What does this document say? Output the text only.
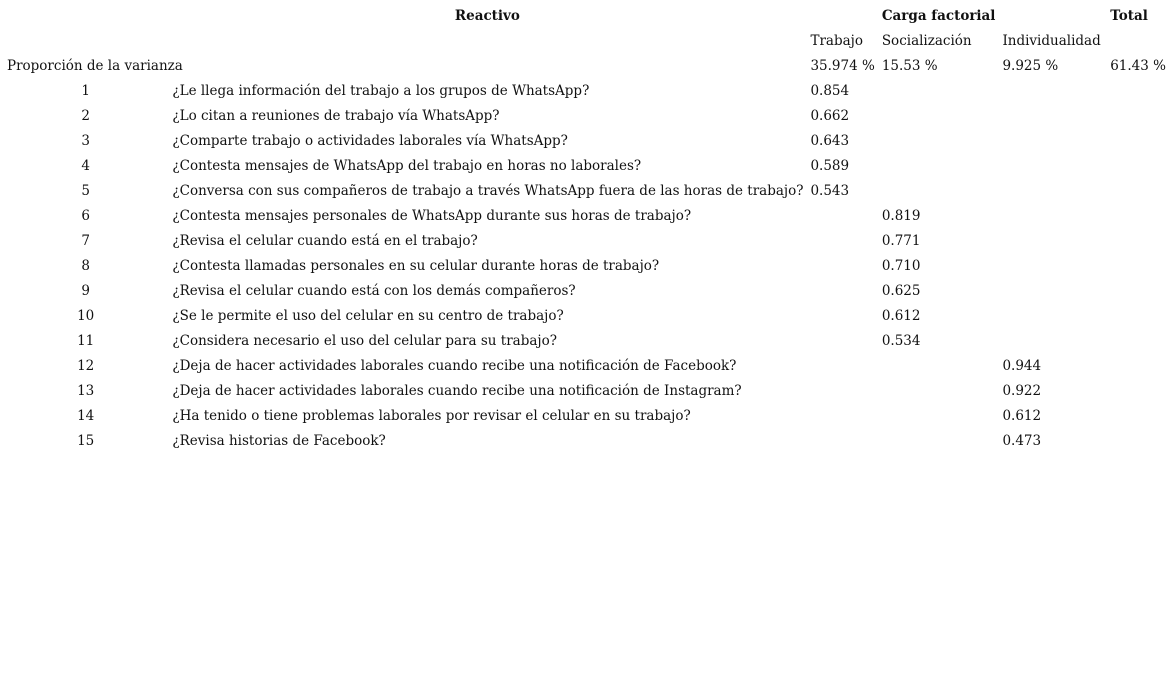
	Reactivo		Carga factorial		Total
		Trabajo	Socialización	Individualidad	
Proporción de la varianza		35.974 %	15.53 %	9.925 %	61.43 %
1	¿Le llega información del trabajo a los grupos de WhatsApp?	0.854			
2	¿Lo citan a reuniones de trabajo vía WhatsApp?	0.662			
3	¿Comparte trabajo o actividades laborales vía WhatsApp?	0.643			
4	¿Contesta mensajes de WhatsApp del trabajo en horas no laborales?	0.589			
5	¿Conversa con sus compañeros de trabajo a través WhatsApp fuera de las horas de trabajo?	0.543			
6	¿Contesta mensajes personales de WhatsApp durante sus horas de trabajo?		0.819		
7	¿Revisa el celular cuando está en el trabajo?		0.771		
8	¿Contesta llamadas personales en su celular durante horas de trabajo?		0.710		
9	¿Revisa el celular cuando está con los demás compañeros?		0.625		
10	¿Se le permite el uso del celular en su centro de trabajo?		0.612		
11	¿Considera necesario el uso del celular para su trabajo?		0.534		
12	¿Deja de hacer actividades laborales cuando recibe una notificación de Facebook?			0.944	
13	¿Deja de hacer actividades laborales cuando recibe una notificación de Instagram?			0.922	
14	¿Ha tenido o tiene problemas laborales por revisar el celular en su trabajo?			0.612	
15	¿Revisa historias de Facebook?			0.473	
